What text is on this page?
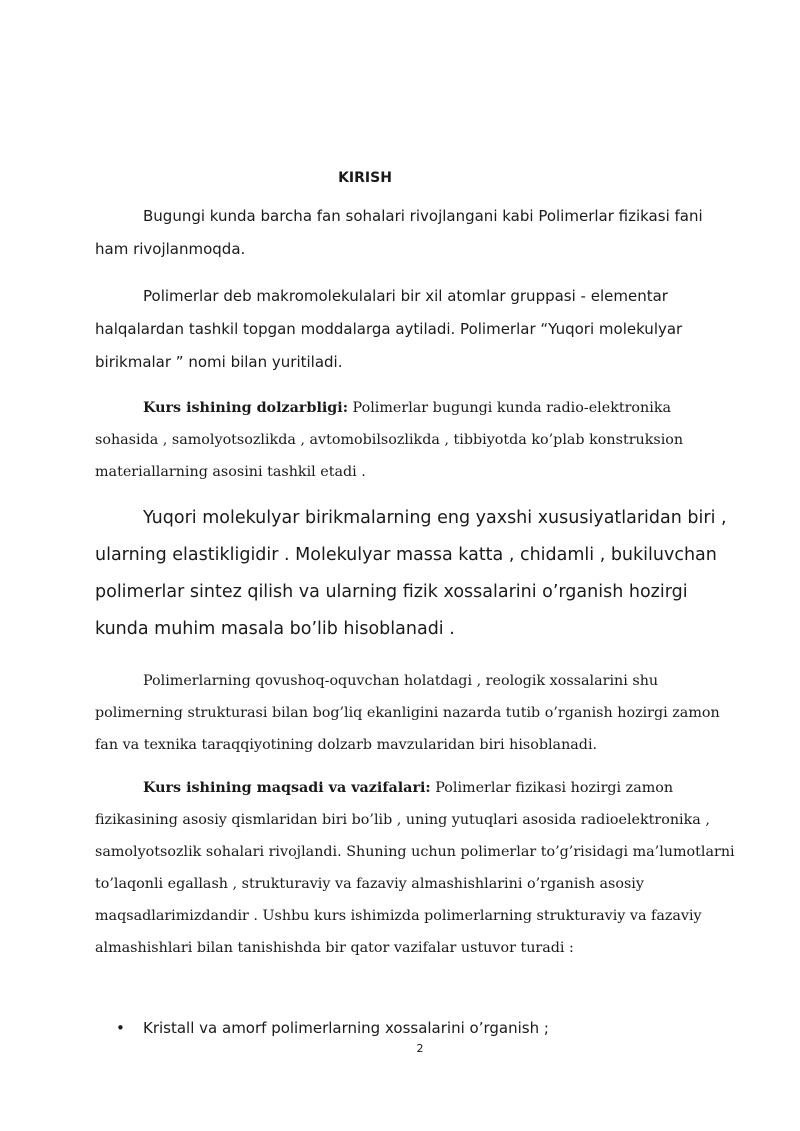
KIRISH

Bugungi kunda barcha fan sohalari rivojlangani kabi Polimerlar fizikasi fani ham rivojlanmoqda.

Polimerlar deb makromolekulalari bir xil atomlar gruppasi - elementar halqalardan tashkil topgan moddalarga aytiladi. Polimerlar “Yuqori molekulyar birikmalar ” nomi bilan yuritiladi.

Kurs ishining dolzarbligi: Polimerlar bugungi kunda radio-elektronika sohasida , samolyotsozlikda , avtomobilsozlikda , tibbiyotda ko’plab konstruksion materiallarning asosini tashkil etadi .

Yuqori molekulyar birikmalarning eng yaxshi xususiyatlaridan biri , ularning elastikligidir . Molekulyar massa katta , chidamli , bukiluvchan polimerlar sintez qilish va ularning fizik xossalarini o’rganish hozirgi kunda muhim masala bo’lib hisoblanadi .

Polimerlarning qovushoq-oquvchan holatdagi , reologik xossalarini shu polimerning strukturasi bilan bog’liq ekanligini nazarda tutib o’rganish hozirgi zamon fan va texnika taraqqiyotining dolzarb mavzularidan biri hisoblanadi.

Kurs ishining maqsadi va vazifalari: Polimerlar fizikasi hozirgi zamon fizikasining asosiy qismlaridan biri bo’lib , uning yutuqlari asosida radioelektronika , samolyotsozlik sohalari rivojlandi. Shuning uchun polimerlar to’g’risidagi ma’lumotlarni to’laqonli egallash , strukturaviy va fazaviy almashishlarini o’rganish asosiy maqsadlarimizdandir . Ushbu kurs ishimizda polimerlarning strukturaviy va fazaviy almashishlari bilan tanishishda bir qator vazifalar ustuvor turadi :

• Kristall va amorf polimerlarning xossalarini o’rganish ;
2
